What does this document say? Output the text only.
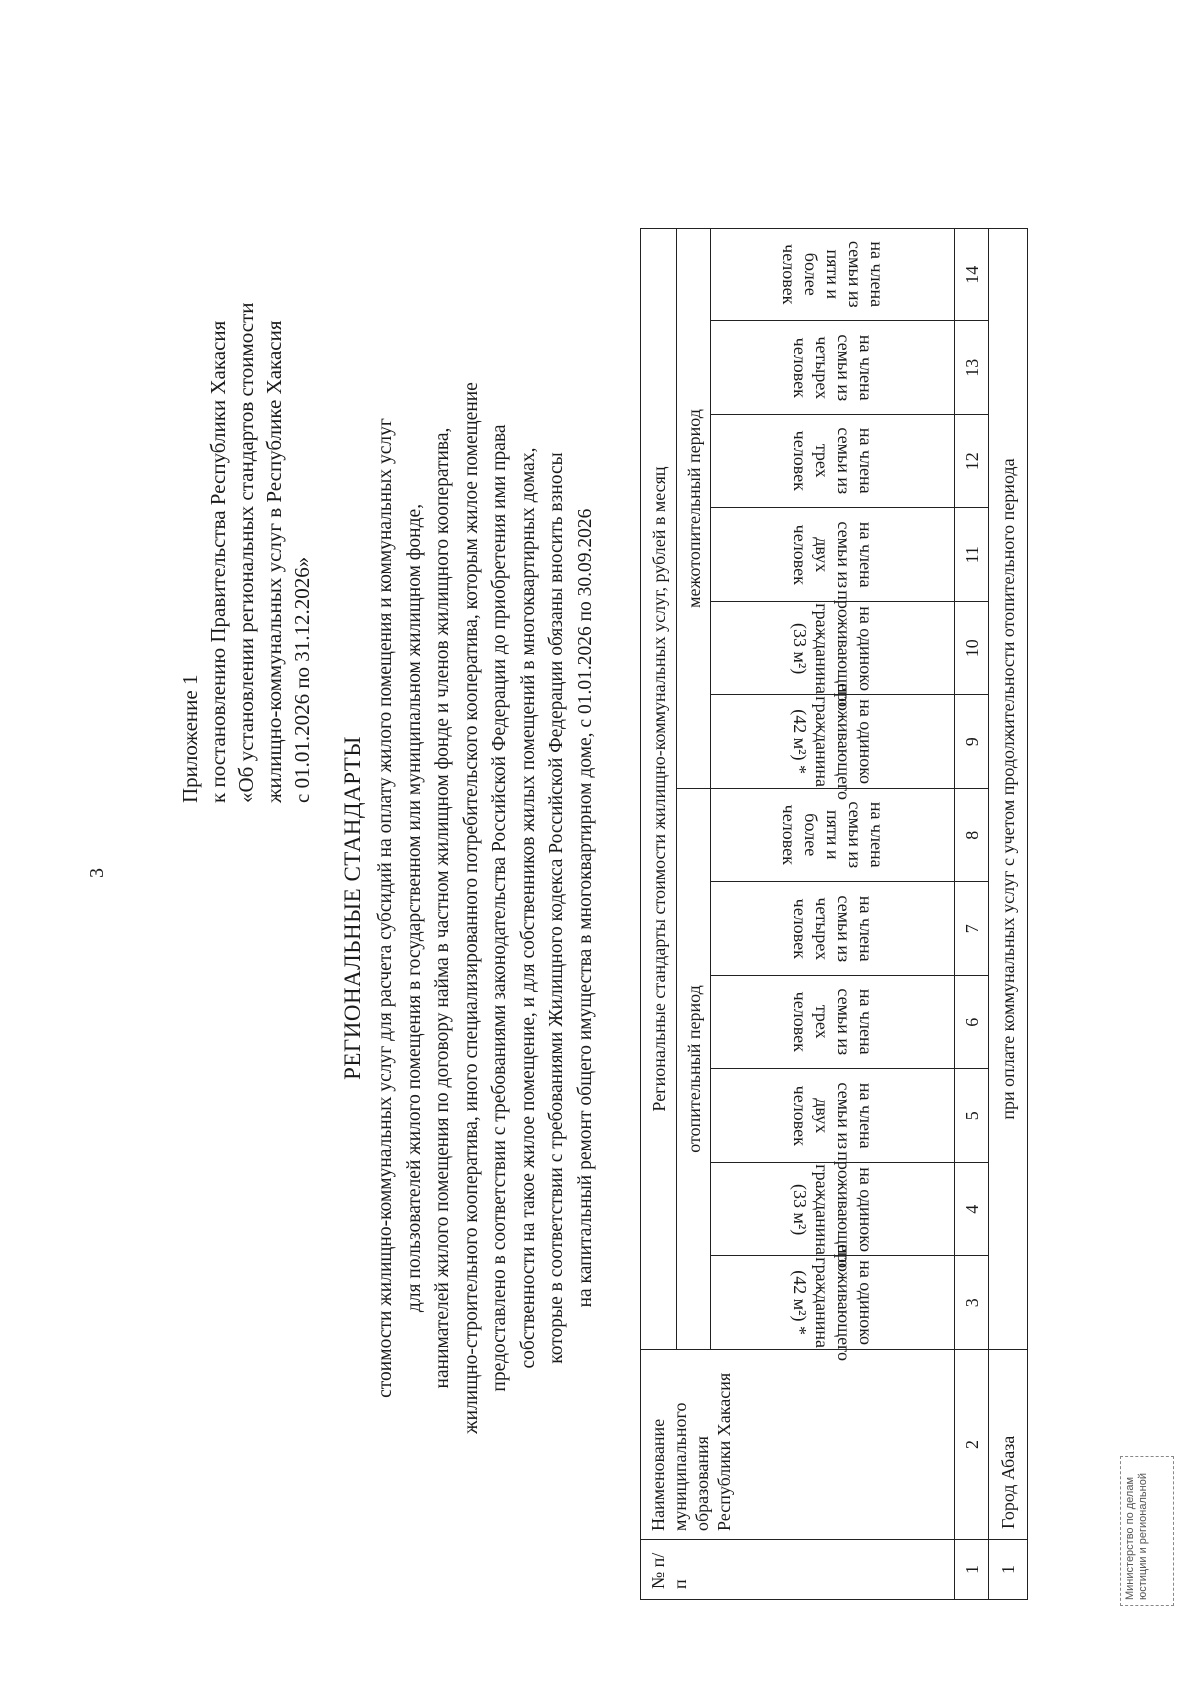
3
Приложение 1 к постановлению Правительства Республики Хакасия «Об установлении региональных стандартов стоимости жилищно-коммунальных услуг в Республике Хакасия с 01.01.2026 по 31.12.2026»
РЕГИОНАЛЬНЫЕ СТАНДАРТЫ стоимости жилищно-коммунальных услуг для расчета субсидий на оплату жилого помещения и коммунальных услуг для пользователей жилого помещения в государственном или муниципальном жилищном фонде, нанимателей жилого помещения по договору найма в частном жилищном фонде и членов жилищного кооператива, жилищно-строительного кооператива, иного специализированного потребительского кооператива, которым жилое помещение предоставлено в соответствии с требованиями законодательства Российской Федерации до приобретения ими права собственности на такое жилое помещение, и для собственников жилых помещений в многоквартирных домах, которые в соответствии с требованиями Жилищного кодекса Российской Федерации обязаны вносить взносы на капитальный ремонт общего имущества в многоквартирном доме, с 01.01.2026 по 30.09.2026
№ п/п
Наименование муниципального образования Республики Хакасия
Региональные стандарты стоимости жилищно-коммунальных услуг, рублей в месяц отопительный период
межотопительный период
на одиноко проживающего гражданина (42 м²) *
на одиноко проживающего гражданина (33 м²)
на члена семьи из двух человек
на члена семьи из трех человек
на члена семьи из четырех человек
на члена семьи из пяти и более человек
на одиноко проживающего гражданина (42 м²) *
на одиноко проживающего гражданина (33 м²)
на члена семьи из двух человек
на члена семьи из трех человек
на члена семьи из четырех человек
на члена семьи из пяти и более человек
1
2
3
4
5
6
7
8
9
10
11
12
13
14
1
Город Абаза
при оплате коммунальных услуг с учетом продолжительности отопительного периода
Министерство по делам юстиции и региональной
